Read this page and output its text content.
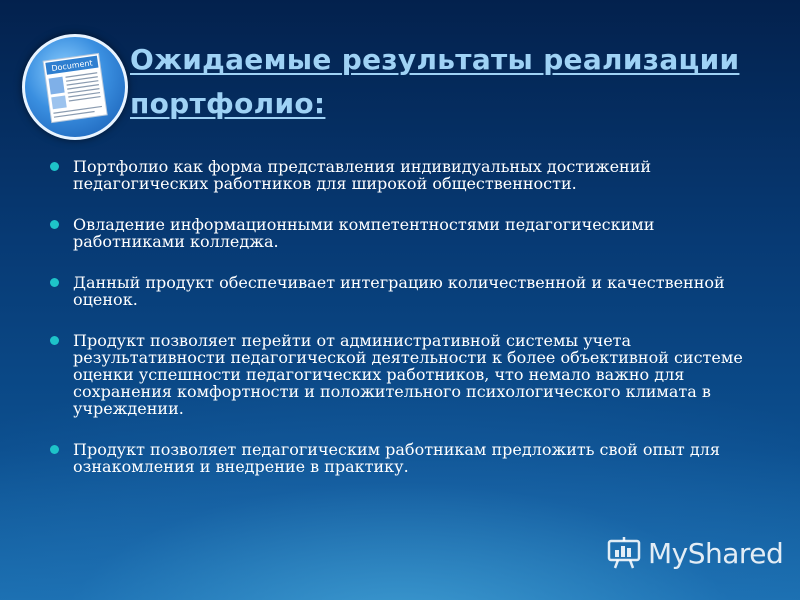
Document Ожидаемые результаты реализации портфолио:
Портфолио как форма представления индивидуальных достижений педагогических работников для широкой общественности.
Овладение информационными компетентностями педагогическими работниками колледжа.
Данный продукт обеспечивает интеграцию количественной и качественной оценок.
Продукт позволяет перейти от административной системы учета результативности педагогической деятельности к более объективной системе оценки успешности педагогических работников, что немало важно для сохранения комфортности и положительного психологического климата в учреждении.
Продукт позволяет педагогическим работникам предложить свой опыт для ознакомления и внедрение в практику.
MyShared
